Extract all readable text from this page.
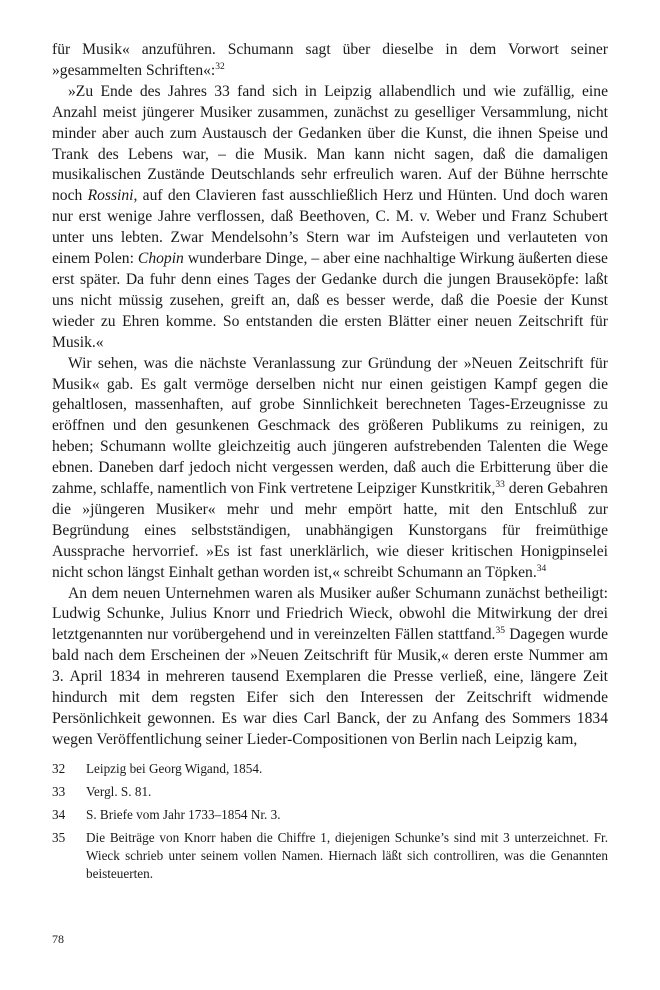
für Musik« anzuführen. Schumann sagt über dieselbe in dem Vorwort seiner »gesammelten Schriften«:$^{32}$

»Zu Ende des Jahres 33 fand sich in Leipzig allabendlich und wie zufällig, eine Anzahl meist jüngerer Musiker zusammen, zunächst zu geselliger Versammlung, nicht minder aber auch zum Austausch der Gedanken über die Kunst, die ihnen Speise und Trank des Lebens war, – die Musik. Man kann nicht sagen, daß die damaligen musikalischen Zustände Deutschlands sehr erfreulich waren. Auf der Bühne herrschte noch Rossini, auf den Clavieren fast ausschließlich Herz und Hünten. Und doch waren nur erst wenige Jahre verflossen, daß Beethoven, C. M. v. Weber und Franz Schubert unter uns lebten. Zwar Mendelsohn’s Stern war im Aufsteigen und verlauteten von einem Polen: Chopin wunderbare Dinge, – aber eine nachhaltige Wirkung äußerten diese erst später. Da fuhr denn eines Tages der Gedanke durch die jungen Brauseköpfe: laßt uns nicht müssig zusehen, greift an, daß es besser werde, daß die Poesie der Kunst wieder zu Ehren komme. So entstanden die ersten Blätter einer neuen Zeitschrift für Musik.«

Wir sehen, was die nächste Veranlassung zur Gründung der »Neuen Zeitschrift für Musik« gab. Es galt vermöge derselben nicht nur einen geistigen Kampf gegen die gehaltlosen, massenhaften, auf grobe Sinnlichkeit berechneten Tages-Erzeugnisse zu eröffnen und den gesunkenen Geschmack des größeren Publikums zu reinigen, zu heben; Schumann wollte gleichzeitig auch jüngeren aufstrebenden Talenten die Wege ebnen. Daneben darf jedoch nicht vergessen werden, daß auch die Erbitterung über die zahme, schlaffe, namentlich von Fink vertretene Leipziger Kunstkritik,$^{33}$ deren Gebahren die »jüngeren Musiker« mehr und mehr empört hatte, mit den Entschluß zur Begründung eines selbstständigen, unabhängigen Kunstorgans für freimüthige Aussprache hervorrief. »Es ist fast unerklärlich, wie dieser kritischen Honigpinselei nicht schon längst Einhalt gethan worden ist,« schreibt Schumann an Töpken.$^{34}$

An dem neuen Unternehmen waren als Musiker außer Schumann zunächst betheiligt: Ludwig Schunke, Julius Knorr und Friedrich Wieck, obwohl die Mitwirkung der drei letztgenannten nur vorübergehend und in vereinzelten Fällen stattfand.$^{35}$ Dagegen wurde bald nach dem Erscheinen der »Neuen Zeitschrift für Musik,« deren erste Nummer am 3. April 1834 in mehreren tausend Exemplaren die Presse verließ, eine, längere Zeit hindurch mit dem regsten Eifer sich den Interessen der Zeitschrift widmende Persönlichkeit gewonnen. Es war dies Carl Banck, der zu Anfang des Sommers 1834 wegen Veröffentlichung seiner Lieder-Compositionen von Berlin nach Leipzig kam,

32	Leipzig bei Georg Wigand, 1854.
33	Vergl. S. 81.
34	S. Briefe vom Jahr 1733–1854 Nr. 3.
35	Die Beiträge von Knorr haben die Chiffre 1, diejenigen Schunke’s sind mit 3 unterzeichnet. Fr. Wieck schrieb unter seinem vollen Namen. Hiernach läßt sich controlliren, was die Genannten beisteuerten.
78
